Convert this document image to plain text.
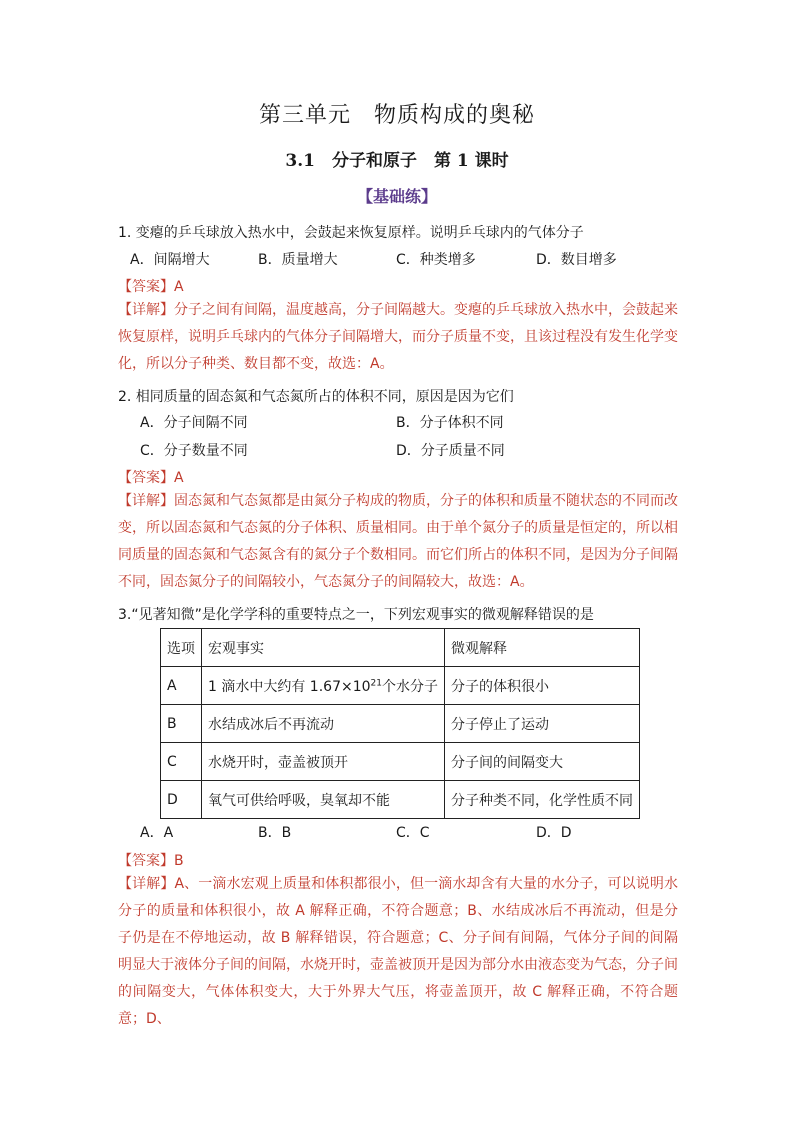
第三单元　物质构成的奥秘
3.1　分子和原子　第 1 课时
【基础练】
1. 变瘪的乒乓球放入热水中，会鼓起来恢复原样。说明乒乓球内的气体分子
A．间隔增大	B．质量增大	C．种类增多	D．数目增多
【答案】A
【详解】分子之间有间隔，温度越高，分子间隔越大。变瘪的乒乓球放入热水中，会鼓起来恢复原样，说明乒乓球内的气体分子间隔增大，而分子质量不变，且该过程没有发生化学变化，所以分子种类、数目都不变，故选：A。
2. 相同质量的固态氮和气态氮所占的体积不同，原因是因为它们
A．分子间隔不同	B．分子体积不同
C．分子数量不同	D．分子质量不同
【答案】A
【详解】固态氮和气态氮都是由氮分子构成的物质，分子的体积和质量不随状态的不同而改变，所以固态氮和气态氮的分子体积、质量相同。由于单个氮分子的质量是恒定的，所以相同质量的固态氮和气态氮含有的氮分子个数相同。而它们所占的体积不同，是因为分子间隔不同，固态氮分子的间隔较小，气态氮分子的间隔较大，故选：A。
3.“见著知微”是化学学科的重要特点之一，下列宏观事实的微观解释错误的是
选项	宏观事实	微观解释
A	1 滴水中大约有 $1.67\times 10^{21}$个水分子	分子的体积很小
B	水结成冰后不再流动	分子停止了运动
C	水烧开时，壶盖被顶开	分子间的间隔变大
D	氧气可供给呼吸，臭氧却不能	分子种类不同，化学性质不同
A．A	B．B	C．C	D．D
【答案】B
【详解】A、一滴水宏观上质量和体积都很小，但一滴水却含有大量的水分子，可以说明水分子的质量和体积很小，故 A 解释正确，不符合题意；B、水结成冰后不再流动，但是分子仍是在不停地运动，故 B 解释错误，符合题意；C、分子间有间隔，气体分子间的间隔明显大于液体分子间的间隔，水烧开时，壶盖被顶开是因为部分水由液态变为气态，分子间的间隔变大，气体体积变大，大于外界大气压，将壶盖顶开，故 C 解释正确，不符合题意；D、
